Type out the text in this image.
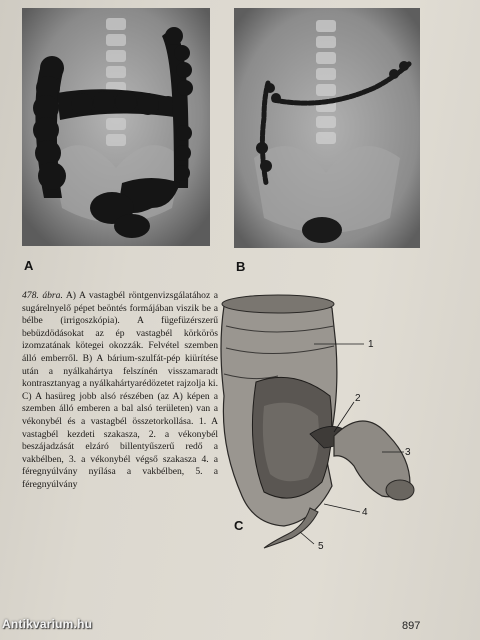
A	B
478. ábra. A) A vastagbél röntgenvizsgálatához a sugárelnyelő pépet beöntés formájában viszik be a bélbe (irrigoszkópia). A fügefüzérszerű bebüzdödásokat az ép vastagbél körkörös izomzatának kötegei okozzák. Felvétel szemben álló emberről. B) A bárium-szulfát-pép kiürítése után a nyálkahártya felszínén visszamaradt kontrasztanyag a nyálkahártyarédözetet rajzolja ki. C) A hasüreg jobb alsó részében (az A) képen a szemben álló emberen a bal alsó területen) van a vékonybél és a vastagbél összetorkollása. 1. A vastagbél kezdeti szakasza, 2. a vékonybél beszájadzását elzáró billentyűszerű redő a vakbélben, 3. a vékonybél végső szakasza 4. a féregnyúlvány nyílása a vakbélben, 5. a féregnyúlvány
1
2
3
4
5
C
897
Antikvarium.hu
